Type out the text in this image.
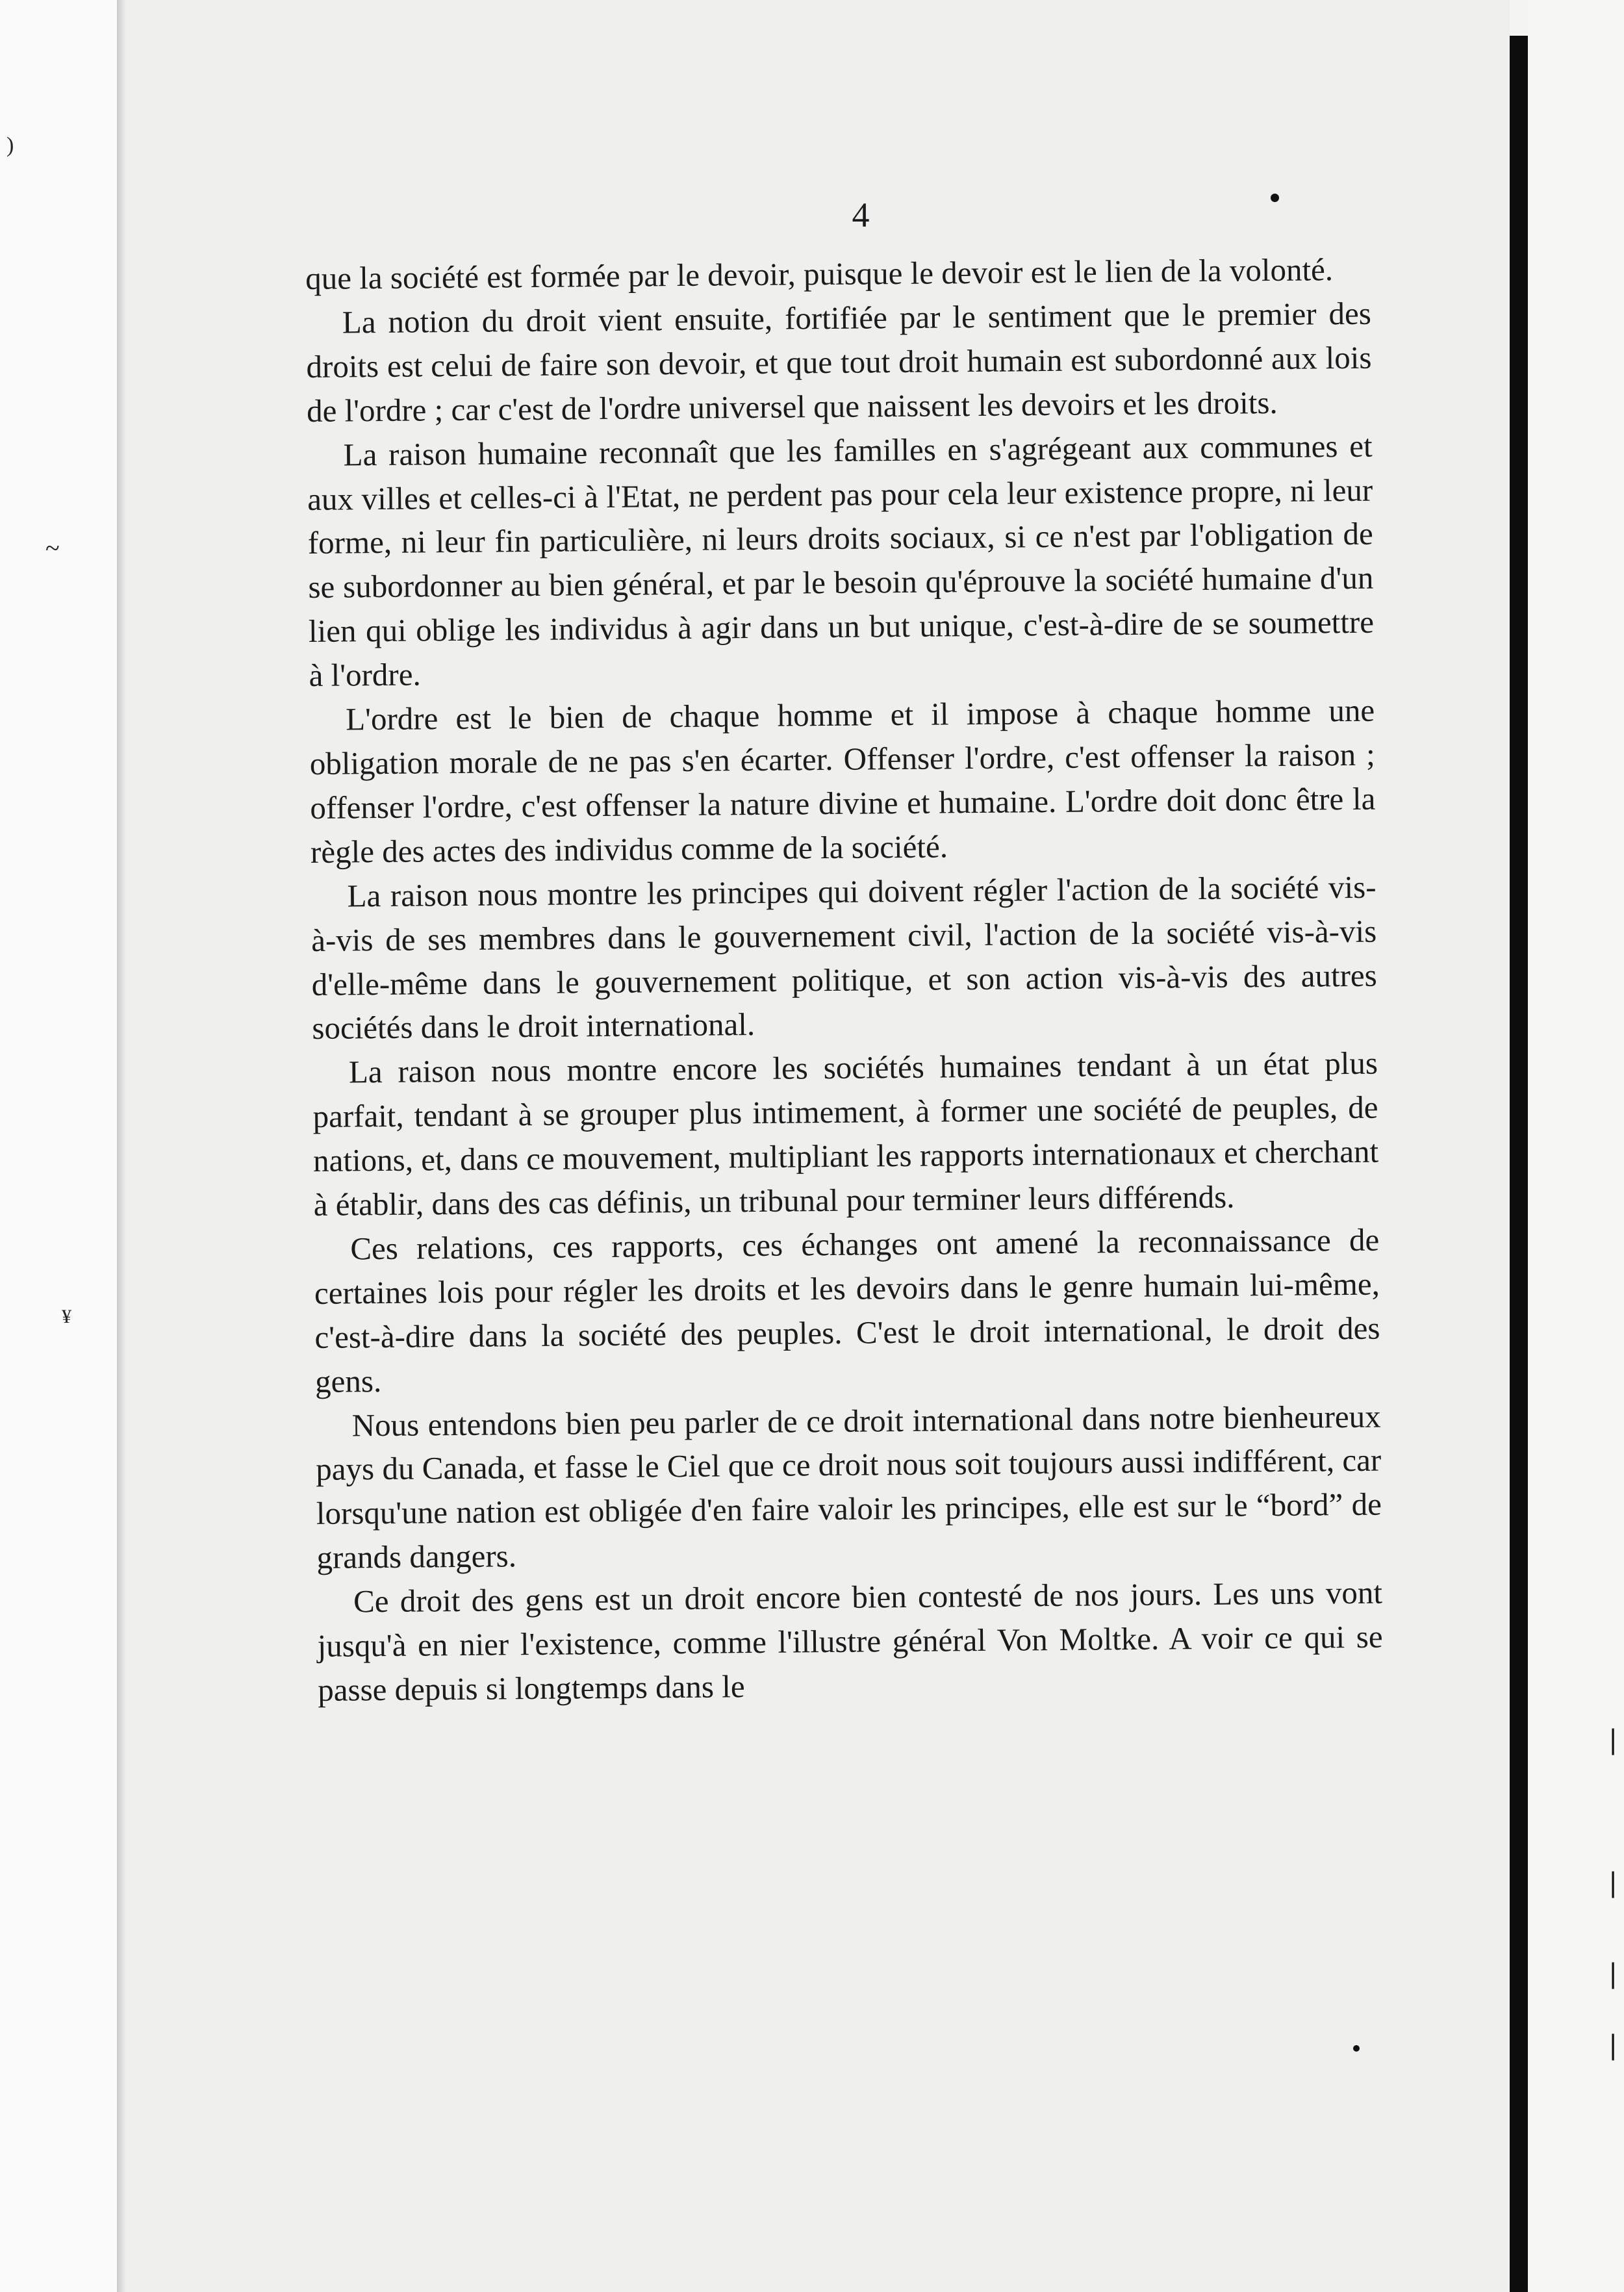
)
~
¥
4

que la société est formée par le devoir, puisque le devoir est le lien de la volonté.

La notion du droit vient ensuite, fortifiée par le sentiment que le premier des droits est celui de faire son devoir, et que tout droit humain est subordonné aux lois de l'ordre ; car c'est de l'ordre universel que naissent les devoirs et les droits.

La raison humaine reconnaît que les familles en s'agrégeant aux communes et aux villes et celles-ci à l'Etat, ne perdent pas pour cela leur existence propre, ni leur forme, ni leur fin particulière, ni leurs droits sociaux, si ce n'est par l'obligation de se subordonner au bien général, et par le besoin qu'éprouve la société humaine d'un lien qui oblige les individus à agir dans un but unique, c'est-à-dire de se soumettre à l'ordre.

L'ordre est le bien de chaque homme et il impose à chaque homme une obligation morale de ne pas s'en écarter. Offenser l'ordre, c'est offenser la raison ; offenser l'ordre, c'est offenser la nature divine et humaine. L'ordre doit donc être la règle des actes des individus comme de la société.

La raison nous montre les principes qui doivent régler l'action de la société vis-à-vis de ses membres dans le gouvernement civil, l'action de la société vis-à-vis d'elle-même dans le gouvernement politique, et son action vis-à-vis des autres sociétés dans le droit international.

La raison nous montre encore les sociétés humaines tendant à un état plus parfait, tendant à se grouper plus intimement, à former une société de peuples, de nations, et, dans ce mouvement, multipliant les rapports internationaux et cherchant à établir, dans des cas définis, un tribunal pour terminer leurs différends.

Ces relations, ces rapports, ces échanges ont amené la reconnaissance de certaines lois pour régler les droits et les devoirs dans le genre humain lui-même, c'est-à-dire dans la société des peuples. C'est le droit international, le droit des gens.

Nous entendons bien peu parler de ce droit international dans notre bienheureux pays du Canada, et fasse le Ciel que ce droit nous soit toujours aussi indifférent, car lorsqu'une nation est obligée d'en faire valoir les principes, elle est sur le “bord” de grands dangers.

Ce droit des gens est un droit encore bien contesté de nos jours. Les uns vont jusqu'à en nier l'existence, comme l'illustre général Von Moltke. A voir ce qui se passe depuis si longtemps dans le

|
|
|
|
